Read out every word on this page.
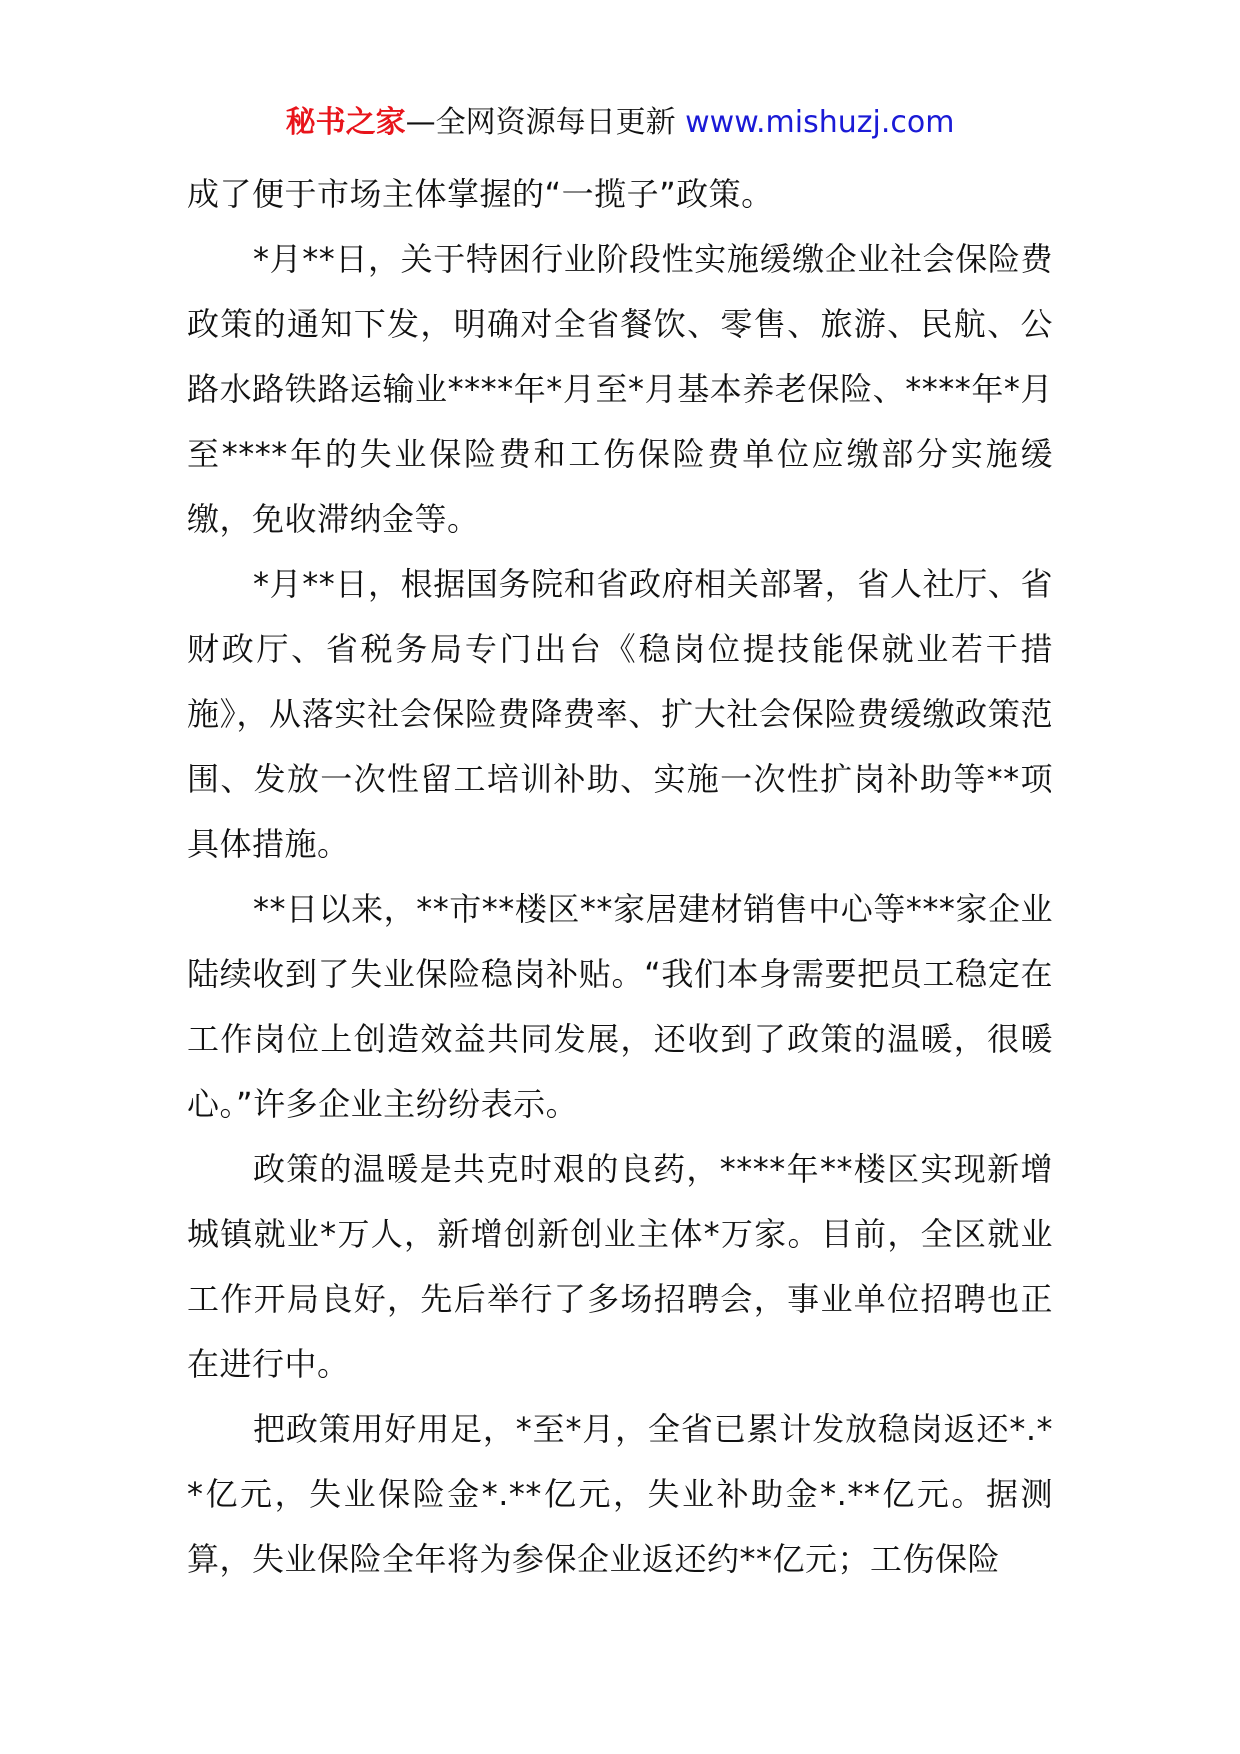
秘书之家—全网资源每日更新 www.mishuzj.com

成了便于市场主体掌握的“一揽子”政策。

*月**日，关于特困行业阶段性实施缓缴企业社会保险费政策的通知下发，明确对全省餐饮、零售、旅游、民航、公路水路铁路运输业****年*月至*月基本养老保险、****年*月至****年的失业保险费和工伤保险费单位应缴部分实施缓缴，免收滞纳金等。

*月**日，根据国务院和省政府相关部署，省人社厅、省财政厅、省税务局专门出台《稳岗位提技能保就业若干措施》，从落实社会保险费降费率、扩大社会保险费缓缴政策范围、发放一次性留工培训补助、实施一次性扩岗补助等**项具体措施。

**日以来，**市**楼区**家居建材销售中心等***家企业陆续收到了失业保险稳岗补贴。“我们本身需要把员工稳定在工作岗位上创造效益共同发展，还收到了政策的温暖，很暖心。”许多企业主纷纷表示。

政策的温暖是共克时艰的良药，****年**楼区实现新增城镇就业*万人，新增创新创业主体*万家。目前，全区就业工作开局良好，先后举行了多场招聘会，事业单位招聘也正在进行中。

把政策用好用足，*至*月，全省已累计发放稳岗返还*.**亿元，失业保险金*.**亿元，失业补助金*.**亿元。据测算，失业保险全年将为参保企业返还约**亿元；工伤保险
